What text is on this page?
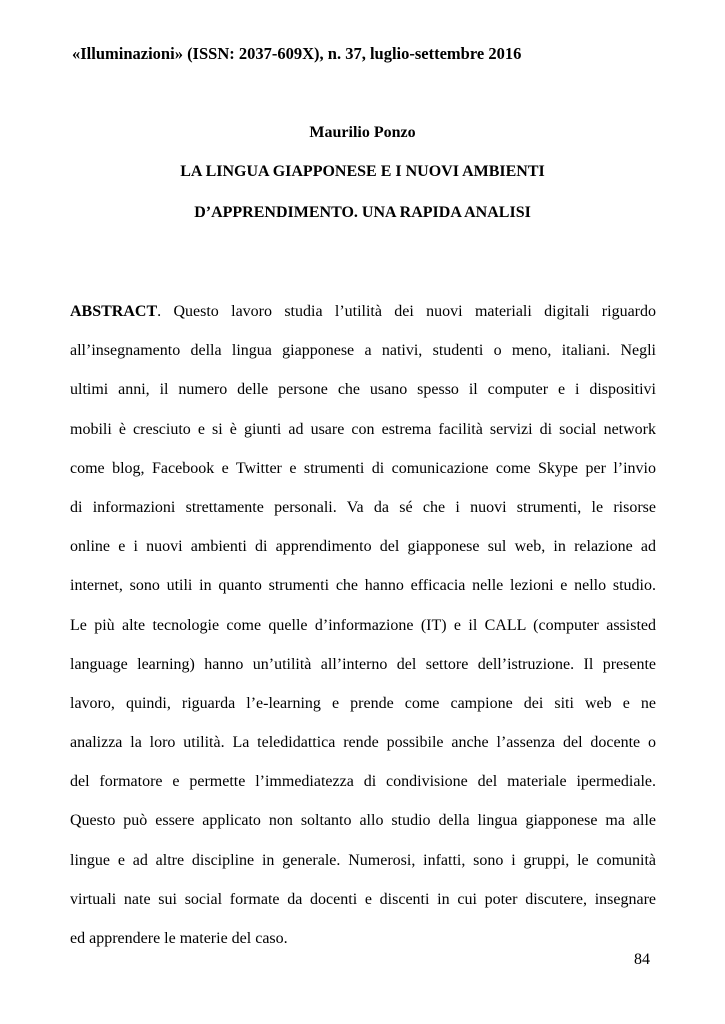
«Illuminazioni» (ISSN: 2037-609X), n. 37, luglio-settembre 2016
Maurilio Ponzo
LA LINGUA GIAPPONESE E I NUOVI AMBIENTI
D’APPRENDIMENTO. UNA RAPIDA ANALISI
ABSTRACT. Questo lavoro studia l’utilità dei nuovi materiali digitali riguardo
all’insegnamento della lingua giapponese a nativi, studenti o meno, italiani. Negli
ultimi anni, il numero delle persone che usano spesso il computer e i dispositivi
mobili è cresciuto e si è giunti ad usare con estrema facilità servizi di social network
come blog, Facebook e Twitter e strumenti di comunicazione come Skype per l’invio
di informazioni strettamente personali. Va da sé che i nuovi strumenti, le risorse
online e i nuovi ambienti di apprendimento del giapponese sul web, in relazione ad
internet, sono utili in quanto strumenti che hanno efficacia nelle lezioni e nello studio.
Le più alte tecnologie come quelle d’informazione (IT) e il CALL (computer assisted
language learning) hanno un’utilità all’interno del settore dell’istruzione. Il presente
lavoro, quindi, riguarda l’e-learning e prende come campione dei siti web e ne
analizza la loro utilità. La teledidattica rende possibile anche l’assenza del docente o
del formatore e permette l’immediatezza di condivisione del materiale ipermediale.
Questo può essere applicato non soltanto allo studio della lingua giapponese ma alle
lingue e ad altre discipline in generale. Numerosi, infatti, sono i gruppi, le comunità
virtuali nate sui social formate da docenti e discenti in cui poter discutere, insegnare
ed apprendere le materie del caso.
84
